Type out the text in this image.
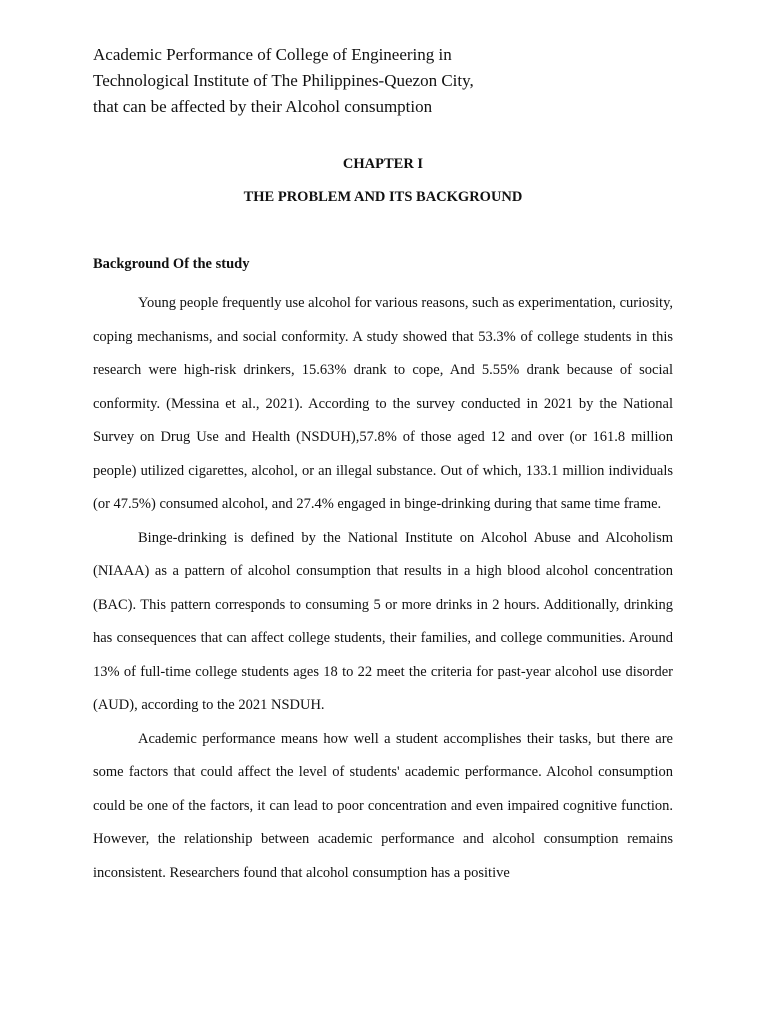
Academic Performance of College of Engineering in
Technological Institute of The Philippines-Quezon City,
that can be affected by their Alcohol consumption
CHAPTER I
THE PROBLEM AND ITS BACKGROUND
Background Of the study

Young people frequently use alcohol for various reasons, such as experimentation, curiosity, coping mechanisms, and social conformity. A study showed that 53.3% of college students in this research were high-risk drinkers, 15.63% drank to cope, And 5.55% drank because of social conformity. (Messina et al., 2021). According to the survey conducted in 2021 by the National Survey on Drug Use and Health (NSDUH),57.8% of those aged 12 and over (or 161.8 million people) utilized cigarettes, alcohol, or an illegal substance. Out of which, 133.1 million individuals (or 47.5%) consumed alcohol, and 27.4% engaged in binge-drinking during that same time frame.

Binge-drinking is defined by the National Institute on Alcohol Abuse and Alcoholism (NIAAA) as a pattern of alcohol consumption that results in a high blood alcohol concentration (BAC). This pattern corresponds to consuming 5 or more drinks in 2 hours. Additionally, drinking has consequences that can affect college students, their families, and college communities. Around 13% of full-time college students ages 18 to 22 meet the criteria for past-year alcohol use disorder (AUD), according to the 2021 NSDUH.

Academic performance means how well a student accomplishes their tasks, but there are some factors that could affect the level of students' academic performance. Alcohol consumption could be one of the factors, it can lead to poor concentration and even impaired cognitive function. However, the relationship between academic performance and alcohol consumption remains inconsistent. Researchers found that alcohol consumption has a positive
